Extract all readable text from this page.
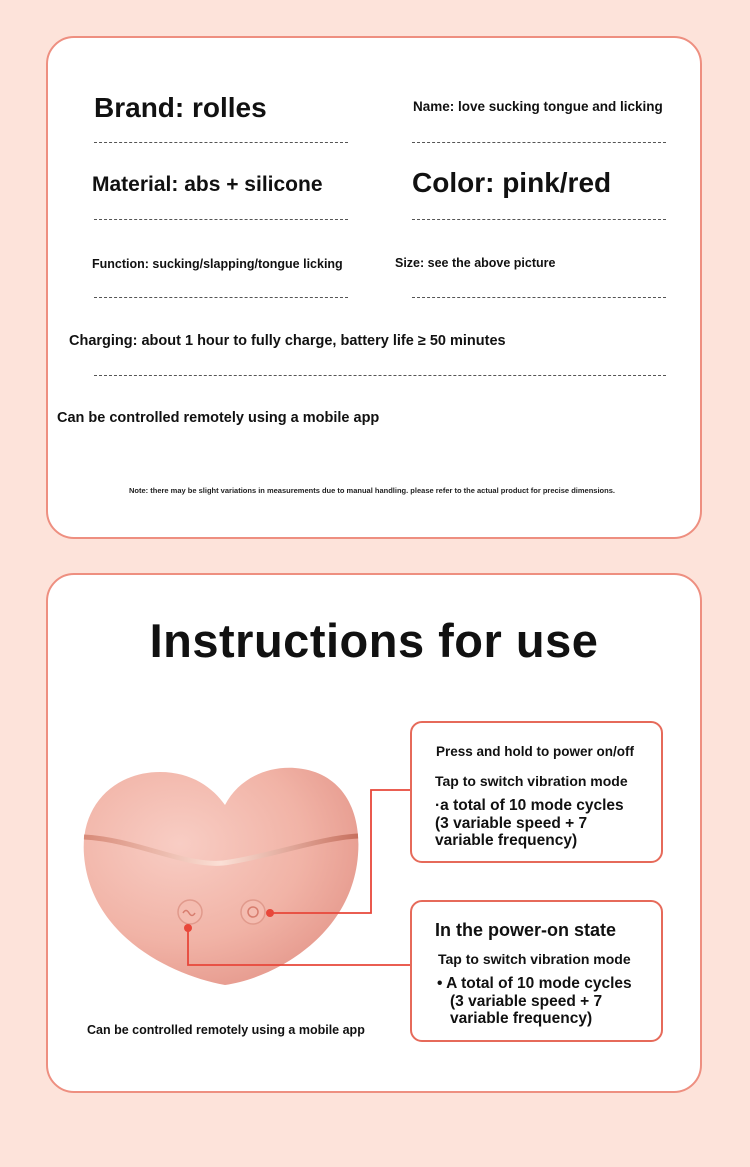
Brand: rolles	Name: love sucking tongue and licking
Material: abs + silicone	Color: pink/red
Function: sucking/slapping/tongue licking	Size: see the above picture
Charging: about 1 hour to fully charge, battery life ≥ 50 minutes
Can be controlled remotely using a mobile app
Note: there may be slight variations in measurements due to manual handling. please refer to the actual product for precise dimensions.
Instructions for use
Press and hold to power on/off
Tap to switch vibration mode
·a total of 10 mode cycles
(3 variable speed + 7
variable frequency)
In the power-on state
Tap to switch vibration mode
• A total of 10 mode cycles
(3 variable speed + 7
variable frequency)
Can be controlled remotely using a mobile app
